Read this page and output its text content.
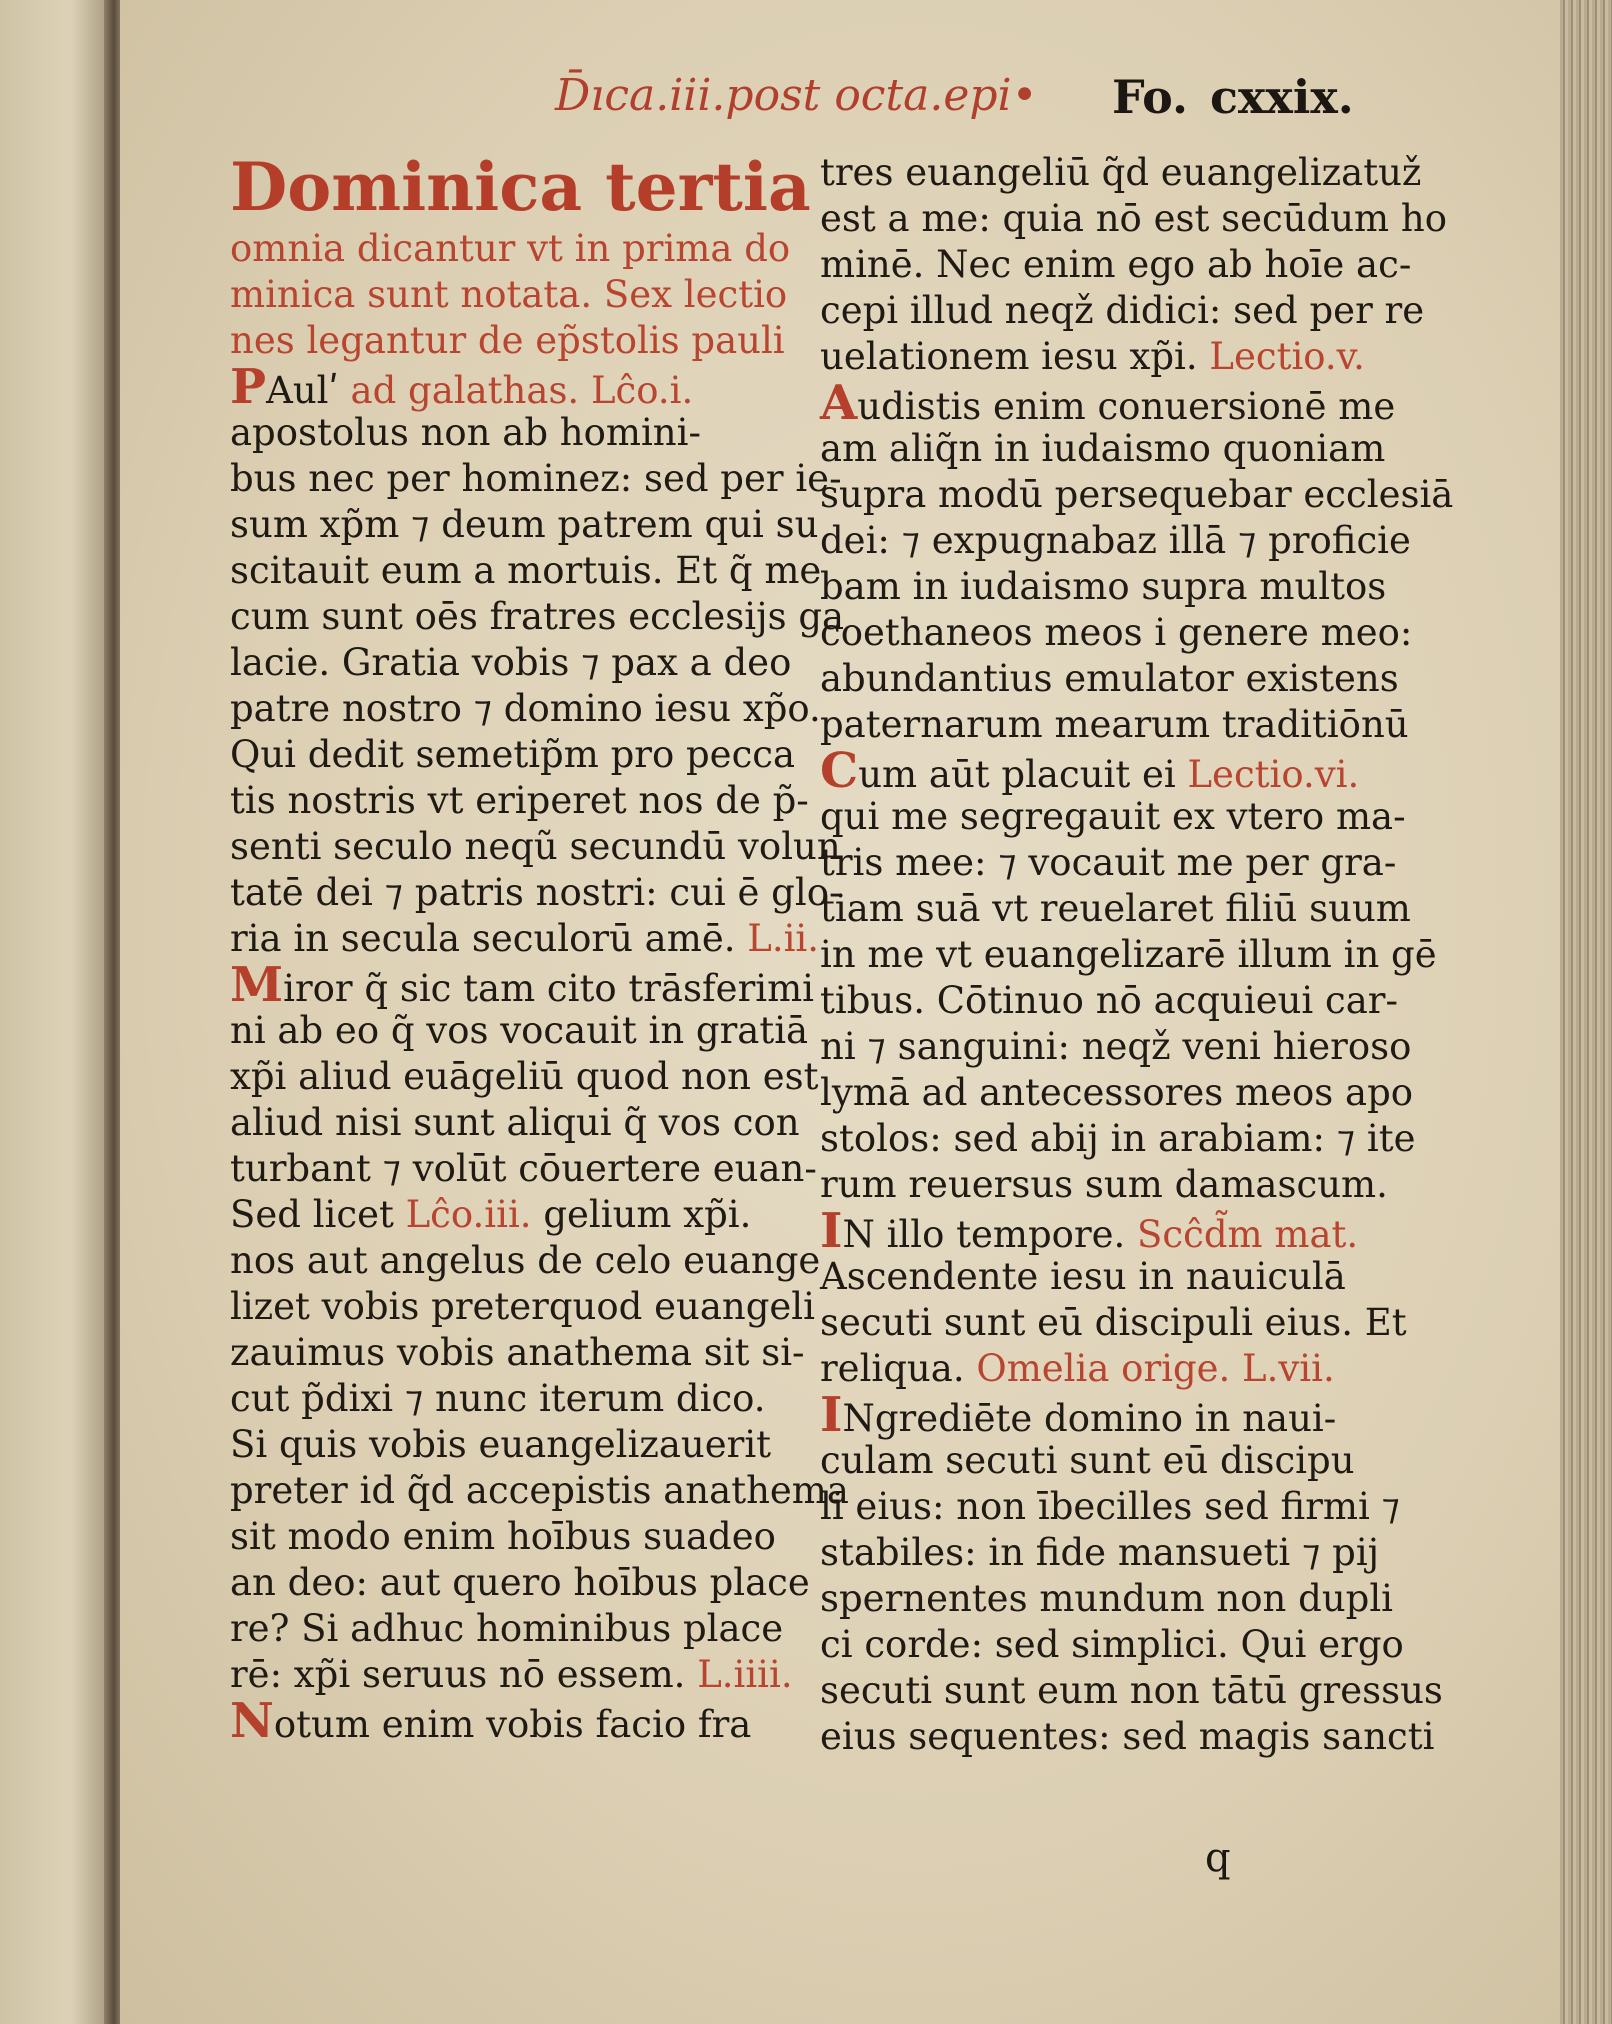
D̄ıca.iii.post octa.epi• Fo. cxxix.
Dominica tertia
omnia dicantur vt in prima do
minica sunt notata. Sex lectio
nes legantur de ep̃stolis pauli
PAulʹ ad galathas. Lĉo.i.
apostolus non ab homini-
bus nec per hominez: sed per ie-
sum xp̃m ⁊ deum patrem qui su
scitauit eum a mortuis. Et q̃ me
cum sunt oēs fratres ecclesijs ga
lacie. Gratia vobis ⁊ pax a deo
patre nostro ⁊ domino iesu xp̃o.
Qui dedit semetip̃m pro pecca
tis nostris vt eriperet nos de p̃-
senti seculo neqũ secundū volun
tatē dei ⁊ patris nostri: cui ē glo-
ria in secula seculorū amē. L.ii.
Miror q̃ sic tam cito trāsferimi
ni ab eo q̃ vos vocauit in gratiā
xp̃i aliud euāgeliū quod non est
aliud nisi sunt aliqui q̃ vos con
turbant ⁊ volūt cōuertere euan-
Sed licet Lĉo.iii. gelium xp̃i.
nos aut angelus de celo euange
lizet vobis preterquod euangeli
zauimus vobis anathema sit si-
cut p̃dixi ⁊ nunc iterum dico.
Si quis vobis euangelizauerit
preter id q̃d accepistis anathema
sit modo enim hoībus suadeo
an deo: aut quero hoībus place
re? Si adhuc hominibus place
rē: xp̃i seruus nō essem. L.iiii.
Notum enim vobis facio fra
tres euangeliū q̃d euangelizatuž
est a me: quia nō est secūdum ho
minē. Nec enim ego ab hoīe ac-
cepi illud neqž didici: sed per re
uelationem iesu xp̃i. Lectio.v.
Audistis enim conuersionē me
am aliq̃n in iudaismo quoniam
supra modū persequebar ecclesiā
dei: ⁊ expugnabaz illā ⁊ proficie
bam in iudaismo supra multos
coethaneos meos i genere meo:
abundantius emulator existens
paternarum mearum traditiōnū
Cum aūt placuit ei Lectio.vi.
qui me segregauit ex vtero ma-
tris mee: ⁊ vocauit me per gra-
tiam suā vt reuelaret filiū suum
in me vt euangelizarē illum in gē
tibus. Cōtinuo nō acquieui car-
ni ⁊ sanguini: neqž veni hieroso
lymā ad antecessores meos apo
stolos: sed abij in arabiam: ⁊ ite
rum reuersus sum damascum.
IN illo tempore. Scĉd̃m mat.
Ascendente iesu in nauiculā
secuti sunt eū discipuli eius. Et
reliqua. Omelia orige. L.vii.
INgrediēte domino in naui-
culam secuti sunt eū discipu
li eius: non ībecilles sed firmi ⁊
stabiles: in fide mansueti ⁊ pij
spernentes mundum non dupli
ci corde: sed simplici. Qui ergo
secuti sunt eum non tātū gressus
eius sequentes: sed magis sancti
q
